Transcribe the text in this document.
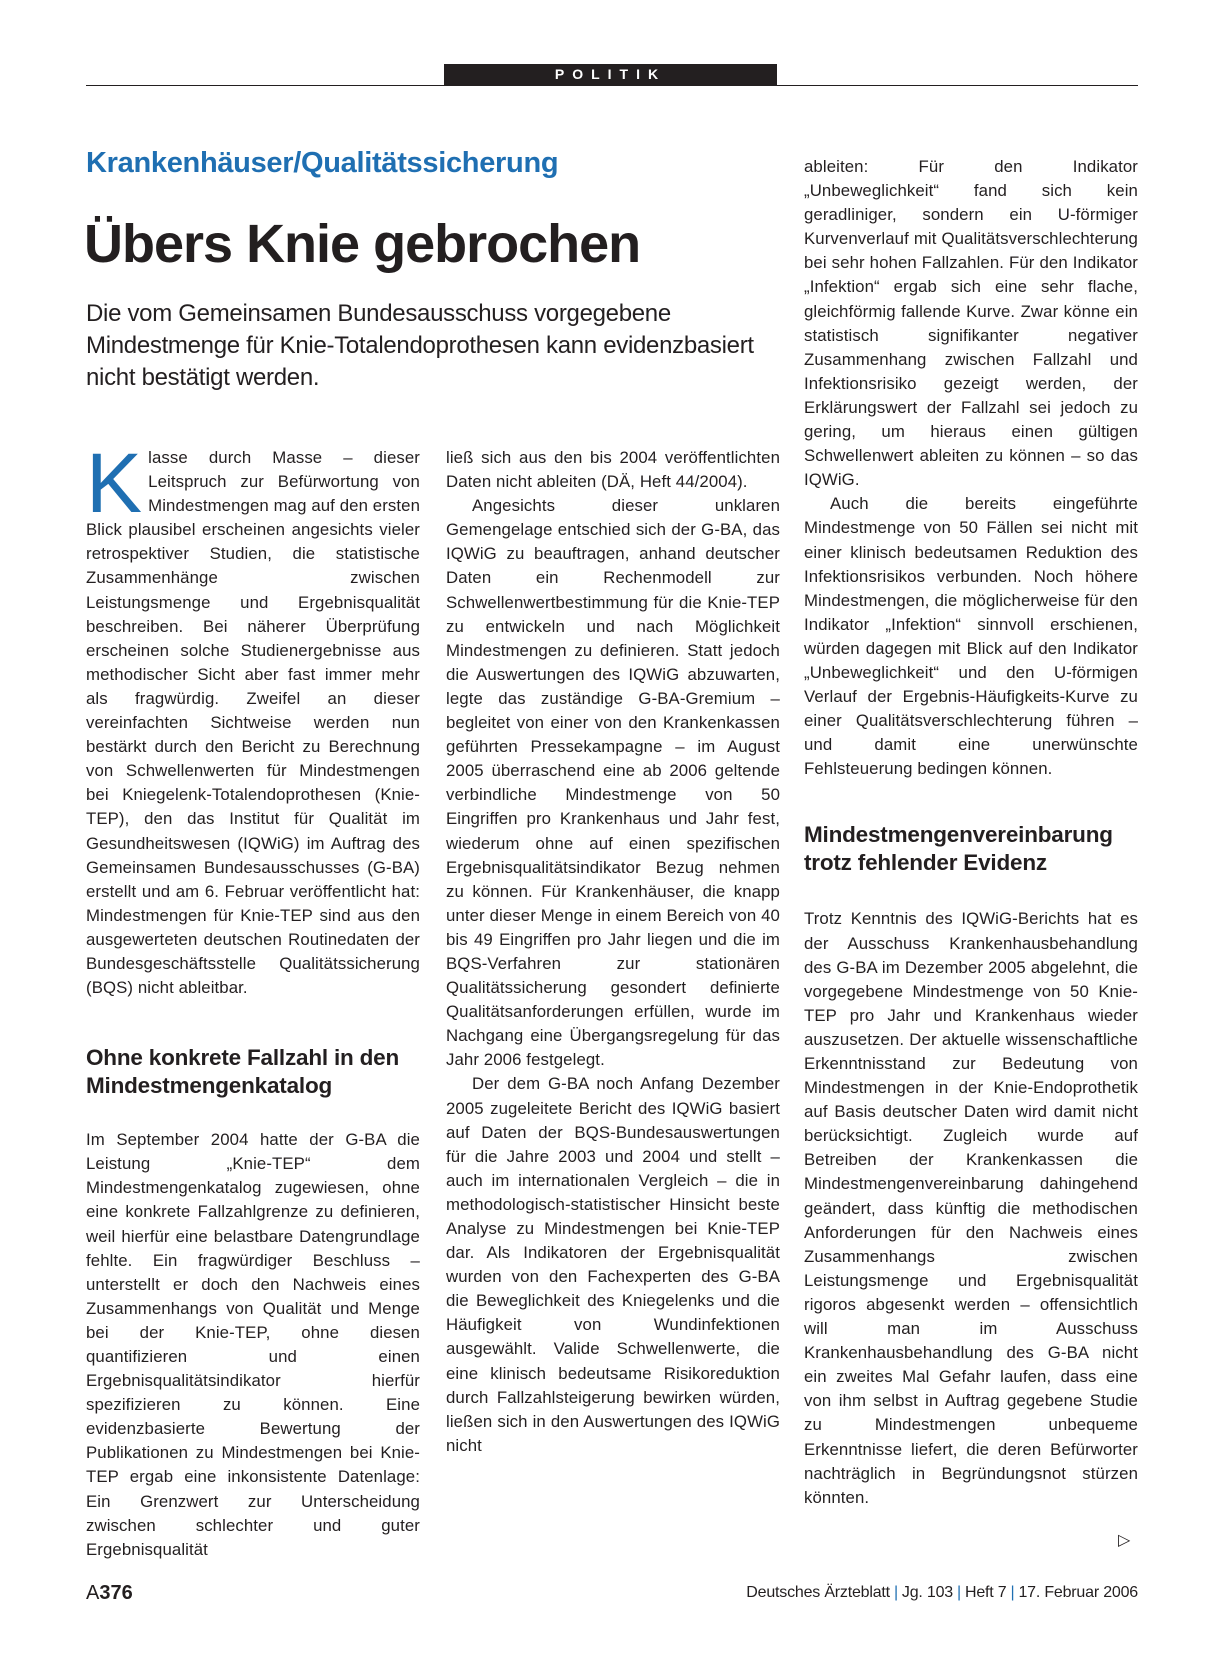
POLITIK
Krankenhäuser/Qualitätssicherung
Übers Knie gebrochen
Die vom Gemeinsamen Bundesausschuss vorgegebene Mindestmenge für Knie-Totalendoprothesen kann evidenzbasiert nicht bestätigt werden.

Klasse durch Masse – dieser Leitspruch zur Befürwortung von Mindestmengen mag auf den ersten Blick plausibel erscheinen angesichts vieler retrospektiver Studien, die statistische Zusammenhänge zwischen Leistungsmenge und Ergebnisqualität beschreiben. Bei näherer Überprüfung erscheinen solche Studienergebnisse aus methodischer Sicht aber fast immer mehr als fragwürdig. Zweifel an dieser vereinfachten Sichtweise werden nun bestärkt durch den Bericht zu Berechnung von Schwellenwerten für Mindestmengen bei Kniegelenk-Totalendoprothesen (Knie-TEP), den das Institut für Qualität im Gesundheitswesen (IQWiG) im Auftrag des Gemeinsamen Bundesausschusses (G-BA) erstellt und am 6. Februar veröffentlicht hat: Mindestmengen für Knie-TEP sind aus den ausgewerteten deutschen Routinedaten der Bundesgeschäftsstelle Qualitätssicherung (BQS) nicht ableitbar.

Ohne konkrete Fallzahl in den Mindestmengenkatalog

Im September 2004 hatte der G-BA die Leistung „Knie-TEP“ dem Mindestmengenkatalog zugewiesen, ohne eine konkrete Fallzahlgrenze zu definieren, weil hierfür eine belastbare Datengrundlage fehlte. Ein fragwürdiger Beschluss – unterstellt er doch den Nachweis eines Zusammenhangs von Qualität und Menge bei der Knie-TEP, ohne diesen quantifizieren und einen Ergebnisqualitätsindikator hierfür spezifizieren zu können. Eine evidenzbasierte Bewertung der Publikationen zu Mindestmengen bei Knie-TEP ergab eine inkonsistente Datenlage: Ein Grenzwert zur Unterscheidung zwischen schlechter und guter Ergebnisqualität

ließ sich aus den bis 2004 veröffentlichten Daten nicht ableiten (DÄ, Heft 44/2004).

Angesichts dieser unklaren Gemengelage entschied sich der G-BA, das IQWiG zu beauftragen, anhand deutscher Daten ein Rechenmodell zur Schwellenwertbestimmung für die Knie-TEP zu entwickeln und nach Möglichkeit Mindestmengen zu definieren. Statt jedoch die Auswertungen des IQWiG abzuwarten, legte das zuständige G-BA-Gremium – begleitet von einer von den Krankenkassen geführten Pressekampagne – im August 2005 überraschend eine ab 2006 geltende verbindliche Mindestmenge von 50 Eingriffen pro Krankenhaus und Jahr fest, wiederum ohne auf einen spezifischen Ergebnisqualitätsindikator Bezug nehmen zu können. Für Krankenhäuser, die knapp unter dieser Menge in einem Bereich von 40 bis 49 Eingriffen pro Jahr liegen und die im BQS-Verfahren zur stationären Qualitätssicherung gesondert definierte Qualitätsanforderungen erfüllen, wurde im Nachgang eine Übergangsregelung für das Jahr 2006 festgelegt.

Der dem G-BA noch Anfang Dezember 2005 zugeleitete Bericht des IQWiG basiert auf Daten der BQS-Bundesauswertungen für die Jahre 2003 und 2004 und stellt – auch im internationalen Vergleich – die in methodologisch-statistischer Hinsicht beste Analyse zu Mindestmengen bei Knie-TEP dar. Als Indikatoren der Ergebnisqualität wurden von den Fachexperten des G-BA die Beweglichkeit des Kniegelenks und die Häufigkeit von Wundinfektionen ausgewählt. Valide Schwellenwerte, die eine klinisch bedeutsame Risikoreduktion durch Fallzahlsteigerung bewirken würden, ließen sich in den Auswertungen des IQWiG nicht

ableiten: Für den Indikator „Unbeweglichkeit“ fand sich kein geradliniger, sondern ein U-förmiger Kurvenverlauf mit Qualitätsverschlechterung bei sehr hohen Fallzahlen. Für den Indikator „Infektion“ ergab sich eine sehr flache, gleichförmig fallende Kurve. Zwar könne ein statistisch signifikanter negativer Zusammenhang zwischen Fallzahl und Infektionsrisiko gezeigt werden, der Erklärungswert der Fallzahl sei jedoch zu gering, um hieraus einen gültigen Schwellenwert ableiten zu können – so das IQWiG.

Auch die bereits eingeführte Mindestmenge von 50 Fällen sei nicht mit einer klinisch bedeutsamen Reduktion des Infektionsrisikos verbunden. Noch höhere Mindestmengen, die möglicherweise für den Indikator „Infektion“ sinnvoll erschienen, würden dagegen mit Blick auf den Indikator „Unbeweglichkeit“ und den U-förmigen Verlauf der Ergebnis-Häufigkeits-Kurve zu einer Qualitätsverschlechterung führen – und damit eine unerwünschte Fehlsteuerung bedingen können.

Mindestmengenvereinbarung trotz fehlender Evidenz

Trotz Kenntnis des IQWiG-Berichts hat es der Ausschuss Krankenhausbehandlung des G-BA im Dezember 2005 abgelehnt, die vorgegebene Mindestmenge von 50 Knie-TEP pro Jahr und Krankenhaus wieder auszusetzen. Der aktuelle wissenschaftliche Erkenntnisstand zur Bedeutung von Mindestmengen in der Knie-Endoprothetik auf Basis deutscher Daten wird damit nicht berücksichtigt. Zugleich wurde auf Betreiben der Krankenkassen die Mindestmengenvereinbarung dahingehend geändert, dass künftig die methodischen Anforderungen für den Nachweis eines Zusammenhangs zwischen Leistungsmenge und Ergebnisqualität rigoros abgesenkt werden – offensichtlich will man im Ausschuss Krankenhausbehandlung des G-BA nicht ein zweites Mal Gefahr laufen, dass eine von ihm selbst in Auftrag gegebene Studie zu Mindestmengen unbequeme Erkenntnisse liefert, die deren Befürworter nachträglich in Begründungsnot stürzen könnten.

▷
A376	Deutsches Ärzteblatt | Jg. 103 | Heft 7 | 17. Februar 2006
